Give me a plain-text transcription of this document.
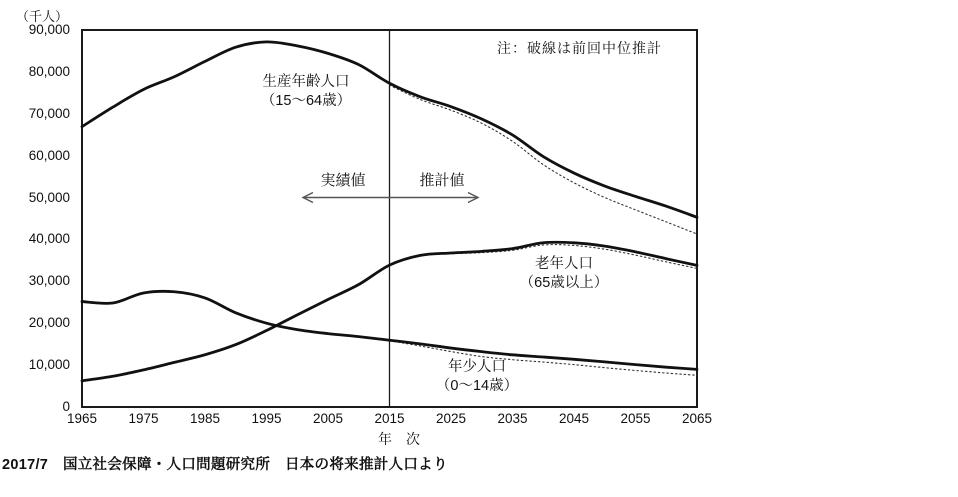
（千人）
0
10,000
20,000
30,000
40,000
50,000
60,000
70,000
80,000
90,000
1965	1975	1985	1995	2005	2015	2025	2035	2045	2055	2065
注：破線は前回中位推計
生産年齢人口
（15～64歳）
老年人口
（65歳以上）
年少人口
（0～14歳）
実績値	推計値
年　次
2017/7　国立社会保障・人口問題研究所　日本の将来推計人口より
